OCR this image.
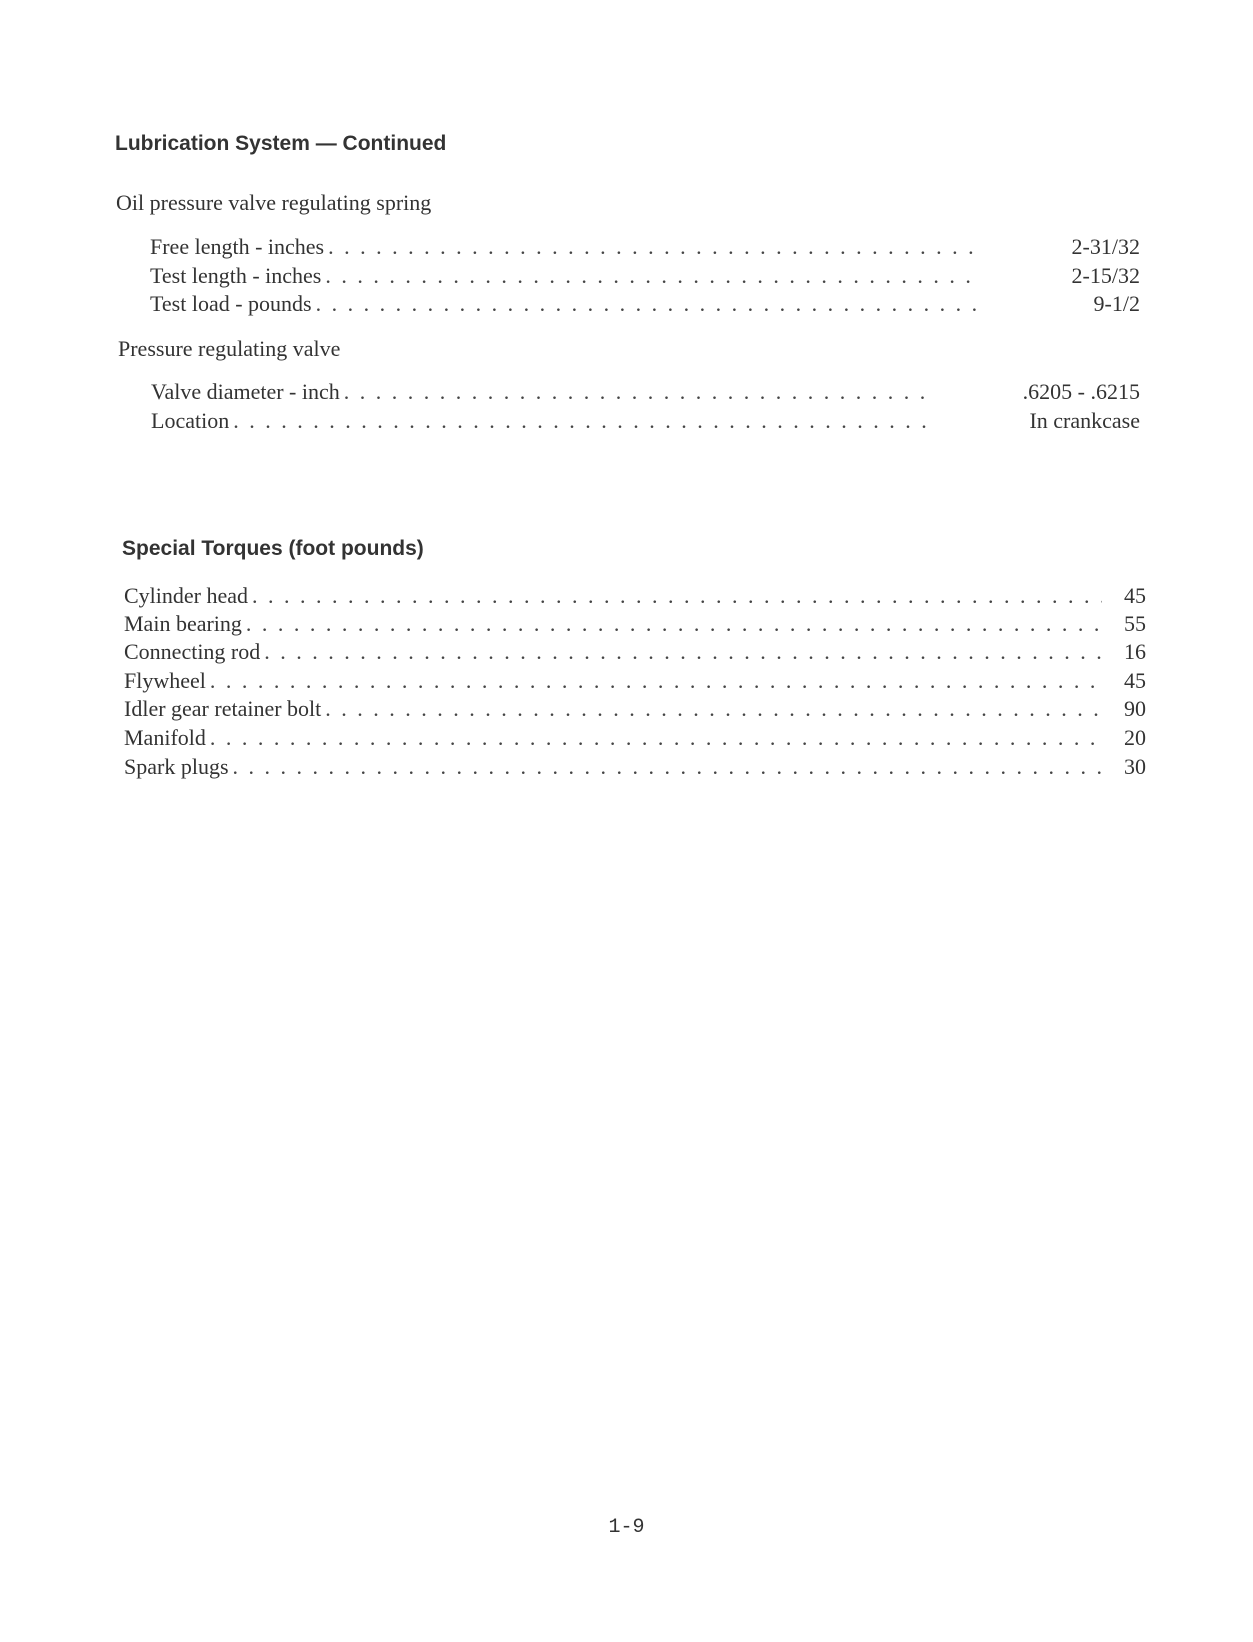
Lubrication System — Continued
Oil pressure valve regulating spring
Free length - inches . . .	2-31/32
Test length - inches . . .	2-15/32
Test load - pounds . . .	9-1/2
Pressure regulating valve
Valve diameter - inch . . .	.6205 - .6215
Location . . .	In crankcase
Special Torques (foot pounds)
Cylinder head . . .	45
Main bearing . . .	55
Connecting rod . . .	16
Flywheel . . .	45
Idler gear retainer bolt . . .	90
Manifold . . .	20
Spark plugs . . .	30
1-9
